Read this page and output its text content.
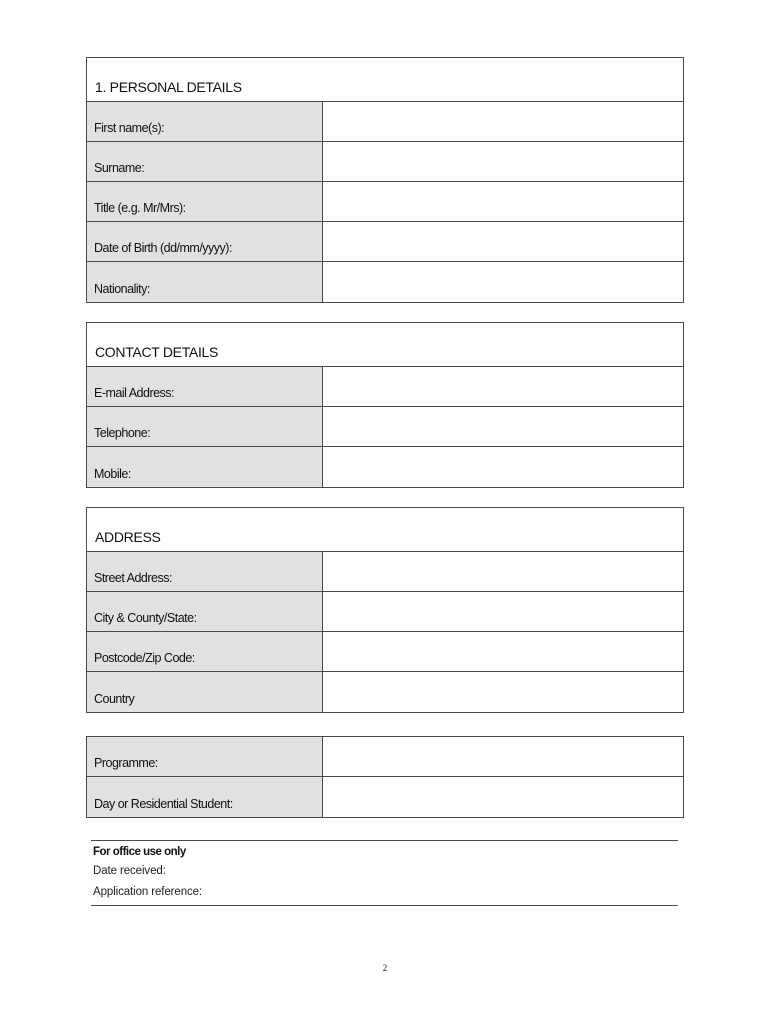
1. PERSONAL DETAILS
First name(s):
Surname:
Title (e.g. Mr/Mrs):
Date of Birth (dd/mm/yyyy):
Nationality:
CONTACT DETAILS
E-mail Address:
Telephone:
Mobile:
ADDRESS
Street Address:
City & County/State:
Postcode/Zip Code:
Country
Programme:
Day or Residential Student:
For office use only
Date received:
Application reference:
2
